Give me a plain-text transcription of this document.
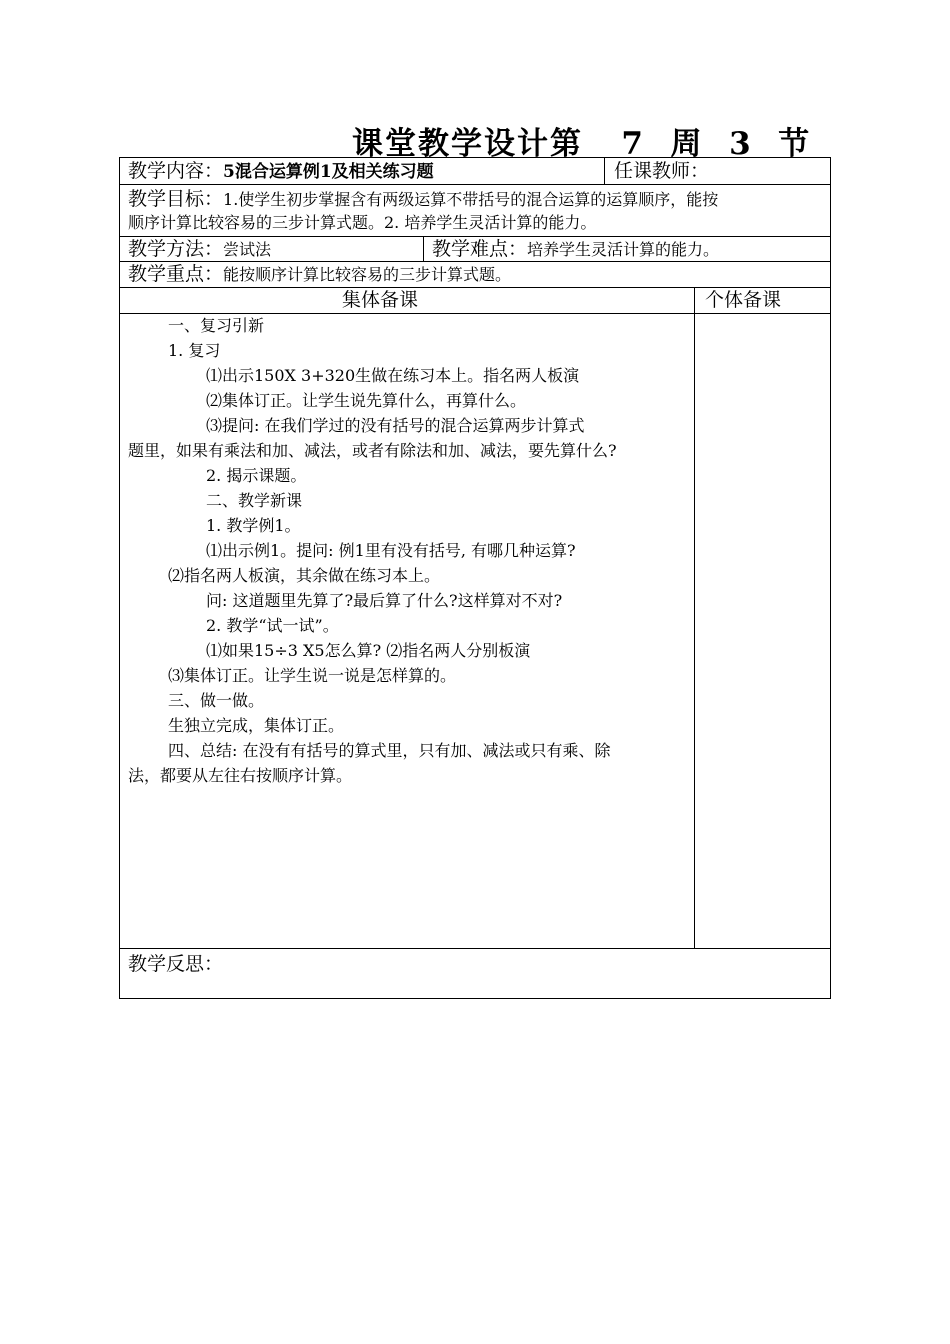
课堂教学设计第   7  周  3  节
教学内容：5混合运算例1及相关练习题	任课教师：
教学目标：1.使学生初步掌握含有两级运算不带括号的混合运算的运算顺序，能按
顺序计算比较容易的三步计算式题。2. 培养学生灵活计算的能力。
教学方法：尝试法	教学难点：培养学生灵活计算的能力。
教学重点：能按顺序计算比较容易的三步计算式题。
集体备课	个体备课
一、复习引新
1. 复习
⑴出示150X 3+320生做在练习本上。指名两人板演
⑵集体订正。让学生说先算什么，再算什么。
⑶提问: 在我们学过的没有括号的混合运算两步计算式
题里，如果有乘法和加、减法，或者有除法和加、减法，要先算什么?
2. 揭示课题。
二、教学新课
1. 教学例1。
⑴出示例1。提问: 例1里有没有括号, 有哪几种运算?
⑵指名两人板演，其余做在练习本上。
问: 这道题里先算了?最后算了什么?这样算对不对?
2. 教学“试一试”。
⑴如果15÷3 X5怎么算? ⑵指名两人分别板演
⑶集体订正。让学生说一说是怎样算的。
三、做一做。
生独立完成，集体订正。
四、总结: 在没有有括号的算式里，只有加、减法或只有乘、除
法，都要从左往右按顺序计算。
教学反思：
